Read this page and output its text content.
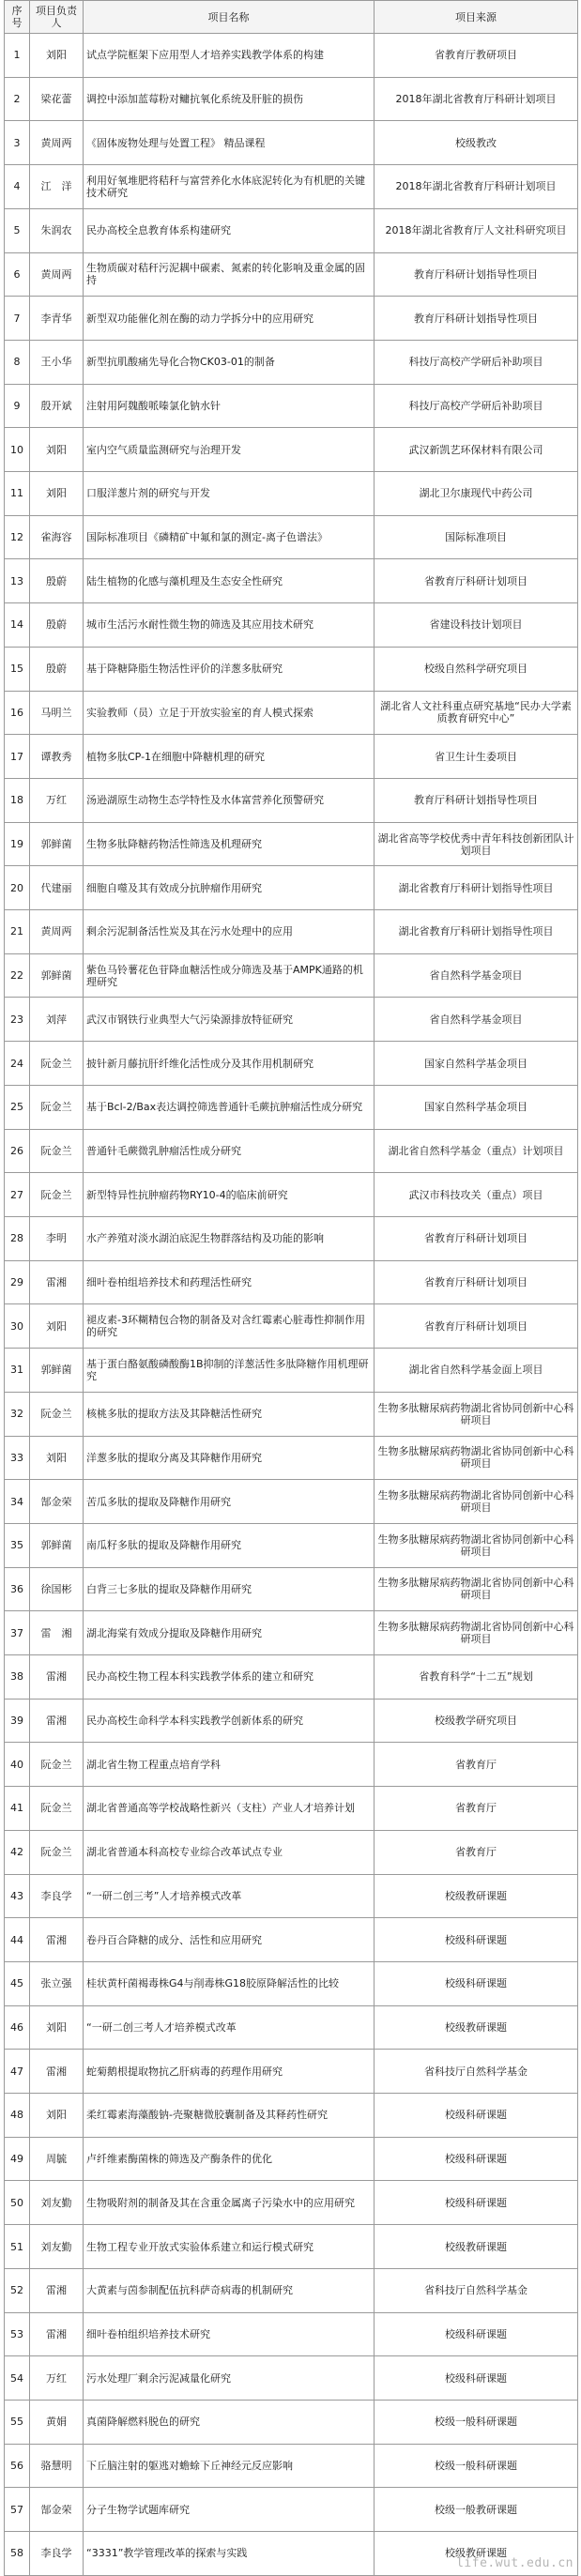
序号	项目负责人	项目名称	项目来源
1	刘阳	试点学院框架下应用型人才培养实践教学体系的构建	省教育厅教研项目
2	梁花蕾	调控中添加蓝莓粉对鳙抗氧化系统及肝脏的损伤	2018年湖北省教育厅科研计划项目
3	黄周两	《固体废物处理与处置工程》 精品课程	校级教改
4	江　洋	利用好氧堆肥将秸秆与富营养化水体底泥转化为有机肥的关键技术研究	2018年湖北省教育厅科研计划项目
5	朱润农	民办高校全息教育体系构建研究	2018年湖北省教育厅人文社科研究项目
6	黄周两	生物质碳对秸秆污泥耦中碳素、氮素的转化影响及重金属的固持	教育厅科研计划指导性项目
7	李青华	新型双功能催化剂在酶的动力学拆分中的应用研究	教育厅科研计划指导性项目
8	王小华	新型抗肌酸痛先导化合物CK03-01的制备	科技厅高校产学研后补助项目
9	殷开斌	注射用阿魏酸哌嗪氯化钠水针	科技厅高校产学研后补助项目
10	刘阳	室内空气质量监测研究与治理开发	武汉新凯艺环保材料有限公司
11	刘阳	口服洋葱片剂的研究与开发	湖北卫尔康现代中药公司
12	雀海容	国际标准项目《磷精矿中氟和氯的测定-离子色谱法》	国际标准项目
13	殷蔚	陆生植物的化感与藻机理及生态安全性研究	省教育厅科研计划项目
14	殷蔚	城市生活污水耐性微生物的筛选及其应用技术研究	省建设科技计划项目
15	殷蔚	基于降糖降脂生物活性评价的洋葱多肽研究	校级自然科学研究项目
16	马明兰	实验教师（员）立足于开放实验室的育人模式探索	湖北省人文社科重点研究基地“民办大学素质教育研究中心”
17	谭教秀	植物多肽CP-1在细胞中降糖机理的研究	省卫生计生委项目
18	万红	汤逊湖原生动物生态学特性及水体富营养化预警研究	教育厅科研计划指导性项目
19	郭鲜菌	生物多肽降糖药物活性筛选及机理研究	湖北省高等学校优秀中青年科技创新团队计划项目
20	代建丽	细胞自噬及其有效成分抗肿瘤作用研究	湖北省教育厅科研计划指导性项目
21	黄周两	剩余污泥制备活性炭及其在污水处理中的应用	湖北省教育厅科研计划指导性项目
22	郭鲜菌	紫色马铃薯花色苷降血糖活性成分筛选及基于AMPK通路的机理研究	省自然科学基金项目
23	刘萍	武汉市钢铁行业典型大气污染源排放特征研究	省自然科学基金项目
24	阮金兰	披针新月藤抗肝纤维化活性成分及其作用机制研究	国家自然科学基金项目
25	阮金兰	基于Bcl-2/Bax表达调控筛选普通针毛蕨抗肿瘤活性成分研究	国家自然科学基金项目
26	阮金兰	普通针毛蕨微乳肿瘤活性成分研究	湖北省自然科学基金（重点）计划项目
27	阮金兰	新型特异性抗肿瘤药物RY10-4的临床前研究	武汉市科技攻关（重点）项目
28	李明	水产养殖对淡水湖泊底泥生物群落结构及功能的影响	省教育厅科研计划项目
29	雷湘	细叶卷柏组培养技术和药理活性研究	省教育厅科研计划项目
30	刘阳	褪皮素-3环糊精包合物的制备及对含红霉素心脏毒性抑制作用的研究	省教育厅科研计划项目
31	郭鲜菌	基于蛋白酪氨酸磷酸酶1B抑制的洋葱活性多肽降糖作用机理研究	湖北省自然科学基金面上项目
32	阮金兰	核桃多肽的提取方法及其降糖活性研究	生物多肽糖尿病药物湖北省协同创新中心科研项目
33	刘阳	洋葱多肽的提取分离及其降糖作用研究	生物多肽糖尿病药物湖北省协同创新中心科研项目
34	郜金荣	苦瓜多肽的提取及降糖作用研究	生物多肽糖尿病药物湖北省协同创新中心科研项目
35	郭鲜菌	南瓜籽多肽的提取及降糖作用研究	生物多肽糖尿病药物湖北省协同创新中心科研项目
36	徐国彬	白背三七多肽的提取及降糖作用研究	生物多肽糖尿病药物湖北省协同创新中心科研项目
37	雷　湘	湖北海棠有效成分提取及降糖作用研究	生物多肽糖尿病药物湖北省协同创新中心科研项目
38	雷湘	民办高校生物工程本科实践教学体系的建立和研究	省教育科学“十二五”规划
39	雷湘	民办高校生命科学本科实践教学创新体系的研究	校级教学研究项目
40	阮金兰	湖北省生物工程重点培育学科	省教育厅
41	阮金兰	湖北省普通高等学校战略性新兴（支柱）产业人才培养计划	省教育厅
42	阮金兰	湖北省普通本科高校专业综合改革试点专业	省教育厅
43	李良学	“一研二创三考”人才培养模式改革	校级教研课题
44	雷湘	卷丹百合降糖的成分、活性和应用研究	校级科研课题
45	张立强	桂状黄杆菌褐毒株G4与削毒株G18胶原降解活性的比较	校级科研课题
46	刘阳	“一研二创三考人才培养模式改革	校级教研课题
47	雷湘	蛇菊鹅根提取物抗乙肝病毒的药理作用研究	省科技厅自然科学基金
48	刘阳	柔红霉素海藻酸钠-壳聚糖微胶囊制备及其释药性研究	校级科研课题
49	周毓	卢纤维素酶菌株的筛选及产酶条件的优化	校级科研课题
50	刘友勤	生物吸附剂的制备及其在含重金属离子污染水中的应用研究	校级科研课题
51	刘友勤	生物工程专业开放式实验体系建立和运行模式研究	校级教研课题
52	雷湘	大黄素与茵参制配伍抗科萨奇病毒的机制研究	省科技厅自然科学基金
53	雷湘	细叶卷柏组织培养技术研究	校级科研课题
54	万红	污水处理厂剩余污泥减量化研究	校级科研课题
55	黄娟	真菌降解燃料脱色的研究	校级一般科研课题
56	骆慧明	下丘脑注射的躯逃对蟾蜍下丘神经元反应影响	校级一般科研课题
57	郜金荣	分子生物学试题库研究	校级一般教研课题
58	李良学	“3331”教学管理改革的探索与实践	校级教研课题
life.wut.edu.cn
